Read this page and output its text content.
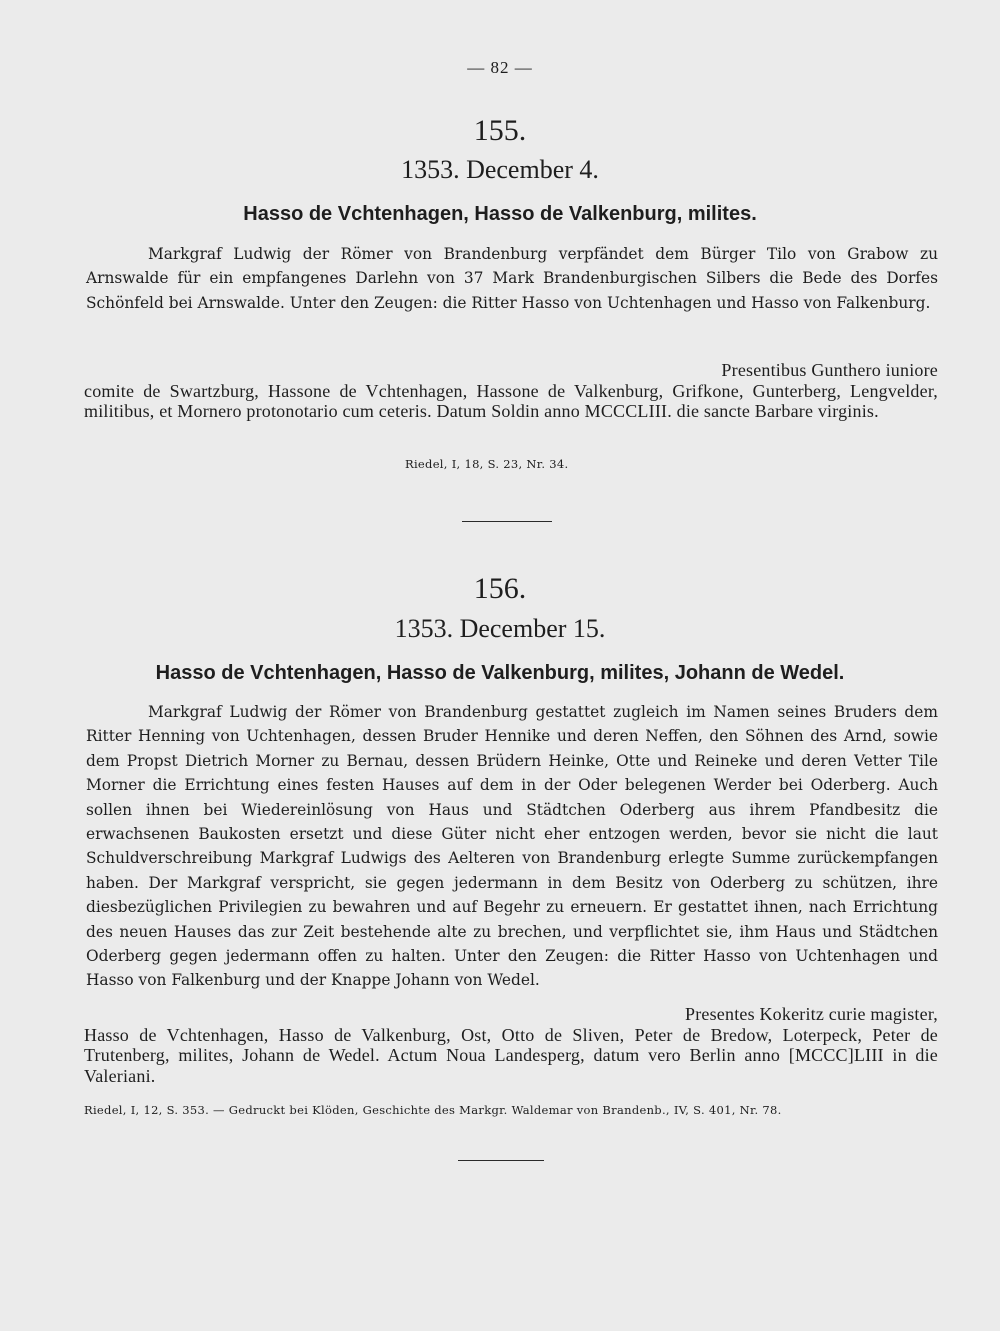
— 82 —
155.
1353. December 4.
Hasso de Vchtenhagen, Hasso de Valkenburg, milites.
Markgraf Ludwig der Römer von Brandenburg verpfändet dem Bürger Tilo von Grabow zu Arnswalde für ein empfangenes Darlehn von 37 Mark Brandenburgischen Silbers die Bede des Dorfes Schönfeld bei Arnswalde. Unter den Zeugen: die Ritter Hasso von Uchtenhagen und Hasso von Falkenburg.
Presentibus Gunthero iuniore
comite de Swartzburg, Hassone de Vchtenhagen, Hassone de Valkenburg, Grifkone, Gunterberg, Lengvelder, militibus, et Mornero protonotario cum ceteris. Datum Soldin anno MCCCLIII. die sancte Barbare virginis.
Riedel, I, 18, S. 23, Nr. 34.
156.
1353. December 15.
Hasso de Vchtenhagen, Hasso de Valkenburg, milites, Johann de Wedel.
Markgraf Ludwig der Römer von Brandenburg gestattet zugleich im Namen seines Bruders dem Ritter Henning von Uchtenhagen, dessen Bruder Hennike und deren Neffen, den Söhnen des Arnd, sowie dem Propst Dietrich Morner zu Bernau, dessen Brüdern Heinke, Otte und Reineke und deren Vetter Tile Morner die Errichtung eines festen Hauses auf dem in der Oder belegenen Werder bei Oderberg. Auch sollen ihnen bei Wiedereinlösung von Haus und Städtchen Oderberg aus ihrem Pfandbesitz die erwachsenen Baukosten ersetzt und diese Güter nicht eher entzogen werden, bevor sie nicht die laut Schuldverschreibung Markgraf Ludwigs des Aelteren von Brandenburg erlegte Summe zurückempfangen haben. Der Markgraf verspricht, sie gegen jedermann in dem Besitz von Oderberg zu schützen, ihre diesbezüglichen Privilegien zu bewahren und auf Begehr zu erneuern. Er gestattet ihnen, nach Errichtung des neuen Hauses das zur Zeit bestehende alte zu brechen, und verpflichtet sie, ihm Haus und Städtchen Oderberg gegen jedermann offen zu halten. Unter den Zeugen: die Ritter Hasso von Uchtenhagen und Hasso von Falkenburg und der Knappe Johann von Wedel.
Presentes Kokeritz curie magister,
Hasso de Vchtenhagen, Hasso de Valkenburg, Ost, Otto de Sliven, Peter de Bredow, Loterpeck, Peter de Trutenberg, milites, Johann de Wedel. Actum Noua Landesperg, datum vero Berlin anno [MCCC]LIII in die Valeriani.
Riedel, I, 12, S. 353. — Gedruckt bei Klöden, Geschichte des Markgr. Waldemar von Brandenb., IV, S. 401, Nr. 78.
